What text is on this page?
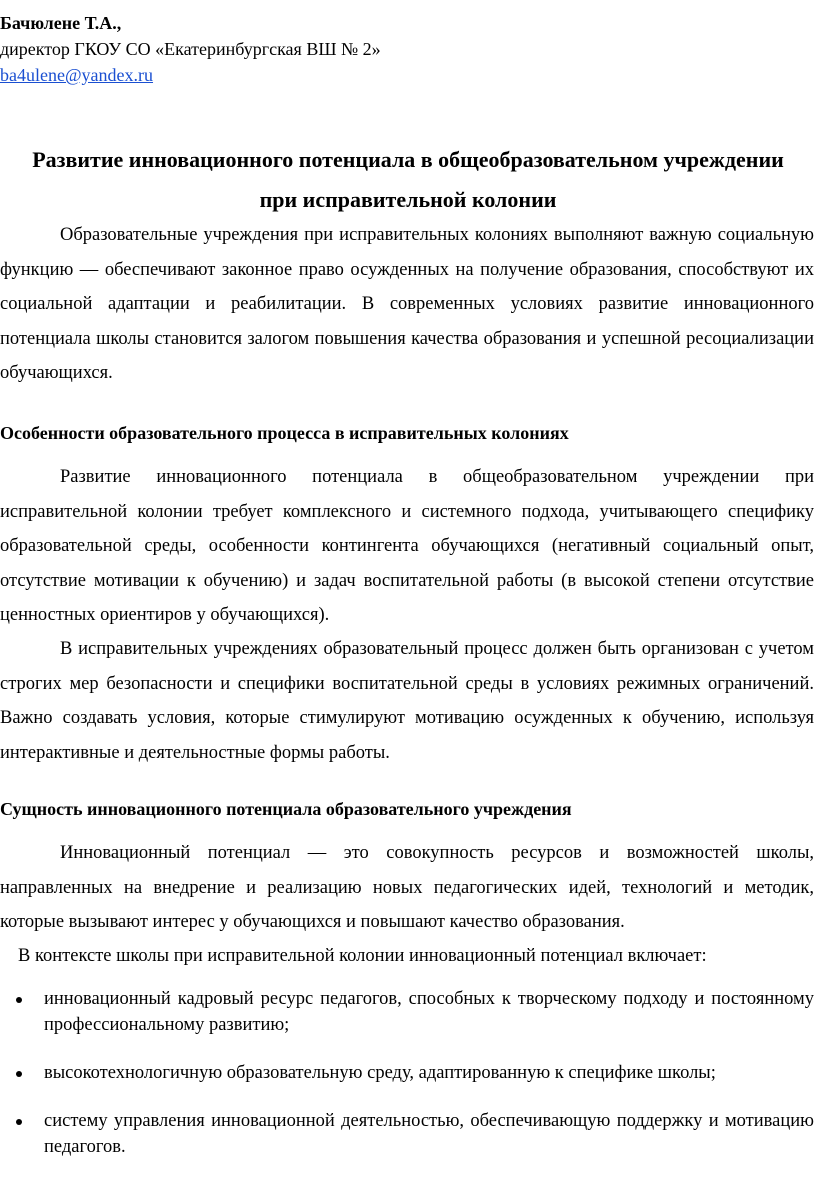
Бачюлене Т.А.,
директор ГКОУ СО «Екатеринбургская ВШ № 2»
ba4ulene@yandex.ru
Развитие инновационного потенциала в общеобразовательном учреждении
при исправительной колонии

Образовательные учреждения при исправительных колониях выполняют важную социальную функцию — обеспечивают законное право осужденных на получение образования, способствуют их социальной адаптации и реабилитации. В современных условиях развитие инновационного потенциала школы становится залогом повышения качества образования и успешной ресоциализации обучающихся.

Особенности образовательного процесса в исправительных колониях

Развитие инновационного потенциала в общеобразовательном учреждении при исправительной колонии требует комплексного и системного подхода, учитывающего специфику образовательной среды, особенности контингента обучающихся (негативный социальный опыт, отсутствие мотивации к обучению) и задач воспитательной работы (в высокой степени отсутствие ценностных ориентиров у обучающихся).

В исправительных учреждениях образовательный процесс должен быть организован с учетом строгих мер безопасности и специфики воспитательной среды в условиях режимных ограничений. Важно создавать условия, которые стимулируют мотивацию осужденных к обучению, используя интерактивные и деятельностные формы работы.

Сущность инновационного потенциала образовательного учреждения

Инновационный потенциал — это совокупность ресурсов и возможностей школы, направленных на внедрение и реализацию новых педагогических идей, технологий и методик, которые вызывают интерес у обучающихся и повышают качество образования.

В контексте школы при исправительной колонии инновационный потенциал включает:

инновационный кадровый ресурс педагогов, способных к творческому подходу и постоянному профессиональному развитию;
высокотехнологичную образовательную среду, адаптированную к специфике школы;
систему управления инновационной деятельностью, обеспечивающую поддержку и мотивацию педагогов.
